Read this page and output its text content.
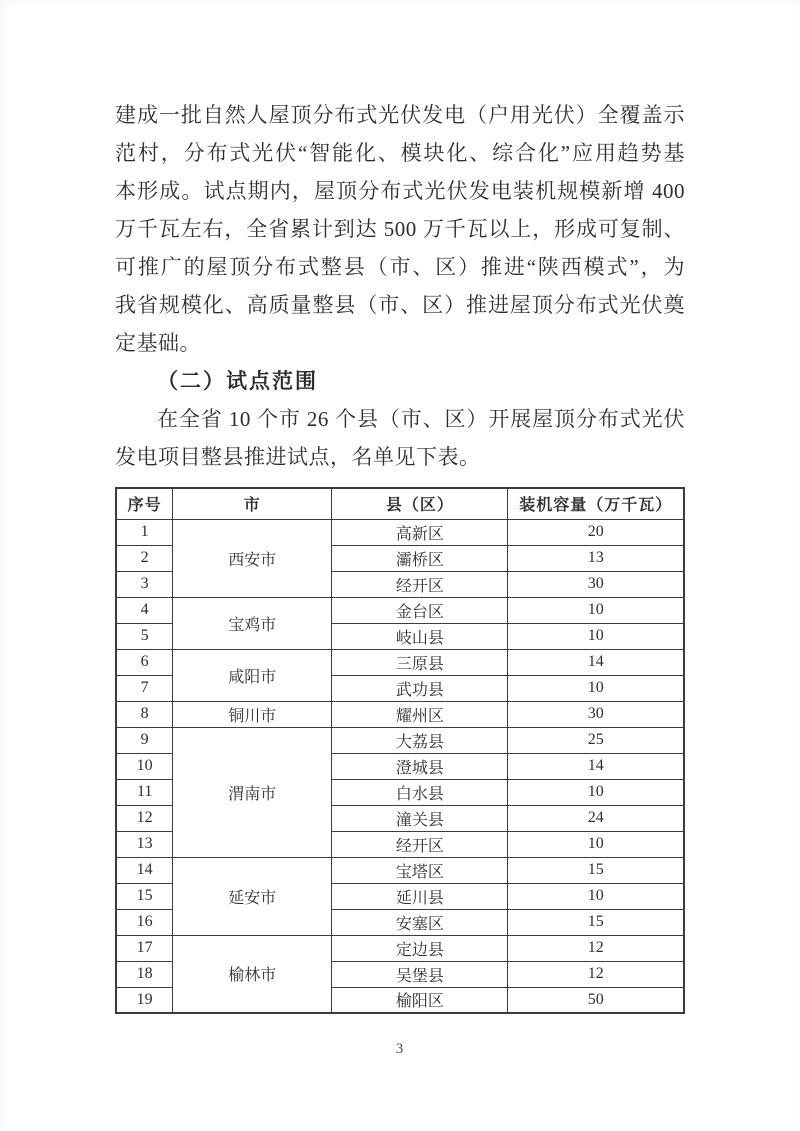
建成一批自然人屋顶分布式光伏发电（户用光伏）全覆盖示
范村，分布式光伏“智能化、模块化、综合化”应用趋势基
本形成。试点期内，屋顶分布式光伏发电装机规模新增 400
万千瓦左右，全省累计到达 500 万千瓦以上，形成可复制、
可推广的屋顶分布式整县（市、区）推进“陕西模式”，为
我省规模化、高质量整县（市、区）推进屋顶分布式光伏奠
定基础。
（二）试点范围
在全省 10 个市 26 个县（市、区）开展屋顶分布式光伏
发电项目整县推进试点，名单见下表。
序号	市	县（区）	装机容量（万千瓦）
1	西安市	高新区	20
2		灞桥区	13
3		经开区	30
4	宝鸡市	金台区	10
5		岐山县	10
6	咸阳市	三原县	14
7		武功县	10
8	铜川市	耀州区	30
9	渭南市	大荔县	25
10		澄城县	14
11		白水县	10
12		潼关县	24
13		经开区	10
14	延安市	宝塔区	15
15		延川县	10
16		安塞区	15
17	榆林市	定边县	12
18		吴堡县	12
19		榆阳区	50
3
